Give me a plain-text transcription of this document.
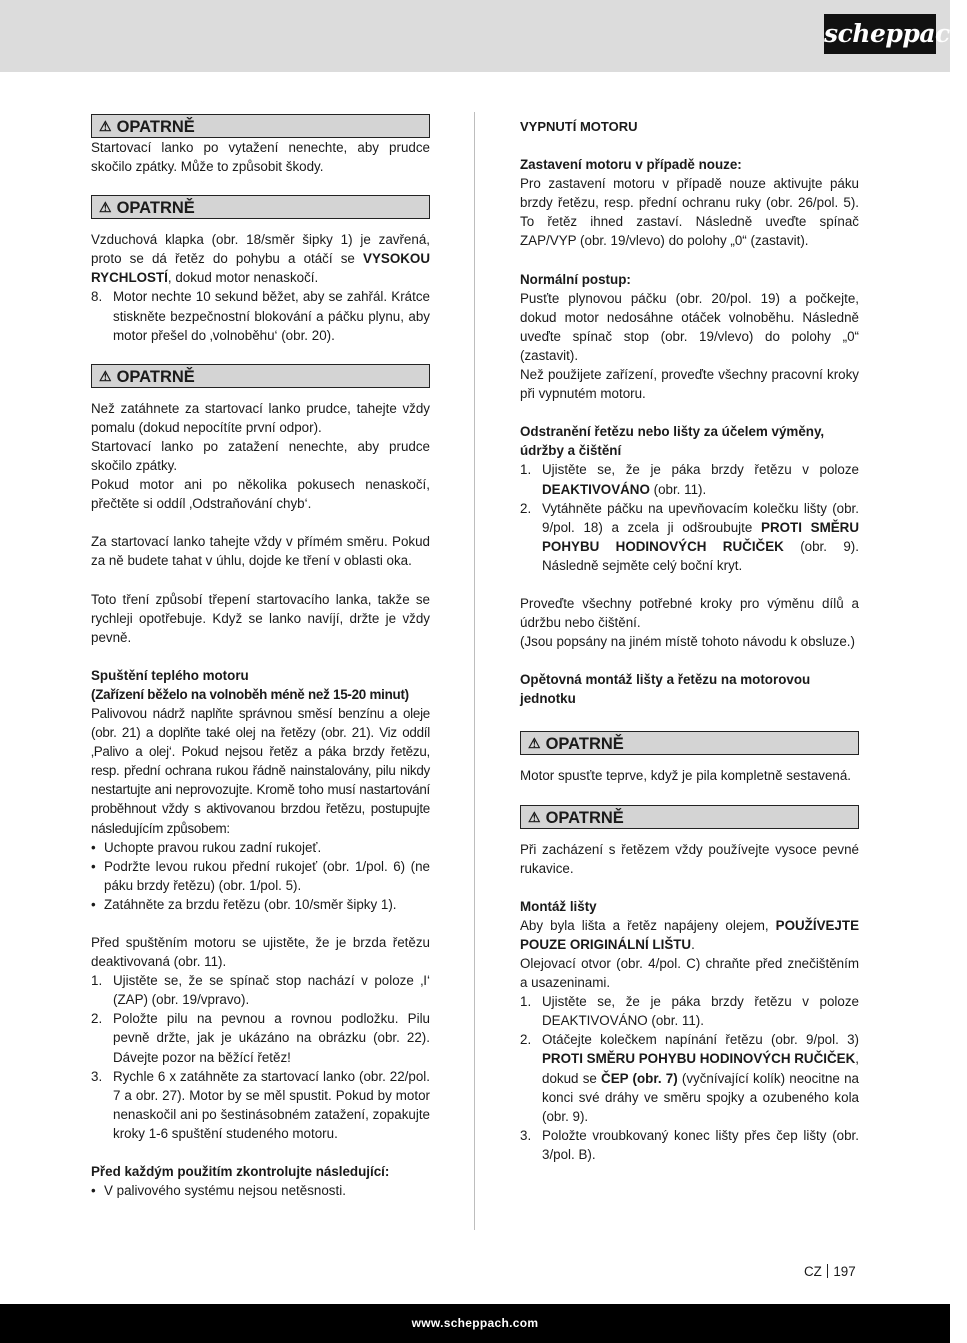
scheppach
⚠ OPATRNĚ

Startovací lanko po vytažení nenechte, aby prudce skočilo zpátky. Může to způsobit škody.

⚠ OPATRNĚ

Vzduchová klapka (obr. 18/směr šipky 1) je zavřená, proto se dá řetěz do pohybu a otáčí se VYSOKOU RYCHLOSTÍ, dokud motor nenaskočí.

8. Motor nechte 10 sekund běžet, aby se zahřál. Krátce stiskněte bezpečnostní blokování a páčku plynu, aby motor přešel do ‚volnoběhu‘ (obr. 20).
⚠ OPATRNĚ

Než zatáhnete za startovací lanko prudce, tahejte vždy pomalu (dokud nepocítíte první odpor).

Startovací lanko po zatažení nenechte, aby prudce skočilo zpátky.

Pokud motor ani po několika pokusech nenaskočí, přečtěte si oddíl ‚Odstraňování chyb‘.

Za startovací lanko tahejte vždy v přímém směru. Pokud za ně budete tahat v úhlu, dojde ke tření v oblasti oka.

Toto tření způsobí třepení startovacího lanka, takže se rychleji opotřebuje. Když se lanko navíjí, držte je vždy pevně.

Spuštění teplého motoru

(Zařízení běželo na volnoběh méně než 15-20 minut)

Palivovou nádrž naplňte správnou směsí benzínu a oleje (obr. 21) a doplňte také olej na řetězy (obr. 21). Viz oddíl ‚Palivo a olej‘. Pokud nejsou řetěz a páka brzdy řetězu, resp. přední ochrana rukou řádně nainstalovány, pilu nikdy nestartujte ani neprovozujte. Kromě toho musí nastartování proběhnout vždy s aktivovanou brzdou řetězu, postupujte následujícím způsobem:

• Uchopte pravou rukou zadní rukojeť.
• Podržte levou rukou přední rukojeť (obr. 1/pol. 6) (ne páku brzdy řetězu) (obr. 1/pol. 5).
• Zatáhněte za brzdu řetězu (obr. 10/směr šipky 1).

Před spuštěním motoru se ujistěte, že je brzda řetězu deaktivovaná (obr. 11).

1. Ujistěte se, že se spínač stop nachází v poloze ‚I‘ (ZAP) (obr. 19/vpravo).
2. Položte pilu na pevnou a rovnou podložku. Pilu pevně držte, jak je ukázáno na obrázku (obr. 22). Dávejte pozor na běžící řetěz!
3. Rychle 6 x zatáhněte za startovací lanko (obr. 22/pol. 7 a obr. 27). Motor by se měl spustit. Pokud by motor nenaskočil ani po šestinásobném zatažení, zopakujte kroky 1-6 spuštění studeného motoru.

Před každým použitím zkontrolujte následující:

• V palivového systému nejsou netěsnosti.

VYPNUTÍ MOTORU

Zastavení motoru v případě nouze:

Pro zastavení motoru v případě nouze aktivujte páku brzdy řetězu, resp. přední ochranu ruky (obr. 26/pol. 5). To řetěz ihned zastaví. Následně uveďte spínač ZAP/VYP (obr. 19/vlevo) do polohy „0“ (zastavit).

Normální postup:

Pusťte plynovou páčku (obr. 20/pol. 19) a počkejte, dokud motor nedosáhne otáček volnoběhu. Následně uveďte spínač stop (obr. 19/vlevo) do polohy „0“ (zastavit).

Než použijete zařízení, proveďte všechny pracovní kroky při vypnutém motoru.

Odstranění řetězu nebo lišty za účelem výměny, údržby a čištění

1. Ujistěte se, že je páka brzdy řetězu v poloze DEAKTIVOVÁNO (obr. 11).
2. Vytáhněte páčku na upevňovacím kolečku lišty (obr. 9/pol. 18) a zcela ji odšroubujte PROTI SMĚRU POHYBU HODINOVÝCH RUČIČEK (obr. 9). Následně sejměte celý boční kryt.

Proveďte všechny potřebné kroky pro výměnu dílů a údržbu nebo čištění.

(Jsou popsány na jiném místě tohoto návodu k obsluze.)

Opětovná montáž lišty a řetězu na motorovou jednotku

⚠ OPATRNĚ

Motor spusťte teprve, když je pila kompletně sestavená.

⚠ OPATRNĚ

Při zacházení s řetězem vždy používejte vysoce pevné rukavice.

Montáž lišty

Aby byla lišta a řetěz napájeny olejem, POUŽÍVEJTE POUZE ORIGINÁLNÍ LIŠTU.

Olejovací otvor (obr. 4/pol. C) chraňte před znečištěním a usazeninami.

1. Ujistěte se, že je páka brzdy řetězu v poloze DEAKTIVOVÁNO (obr. 11).
2. Otáčejte kolečkem napínání řetězu (obr. 9/pol. 3) PROTI SMĚRU POHYBU HODINOVÝCH RUČIČEK, dokud se ČEP (obr. 7) (vyčnívající kolík) neocitne na konci své dráhy ve směru spojky a ozubeného kola (obr. 9).
3. Položte vroubkovaný konec lišty přes čep lišty (obr. 3/pol. B).
CZ 197
www.scheppach.com
